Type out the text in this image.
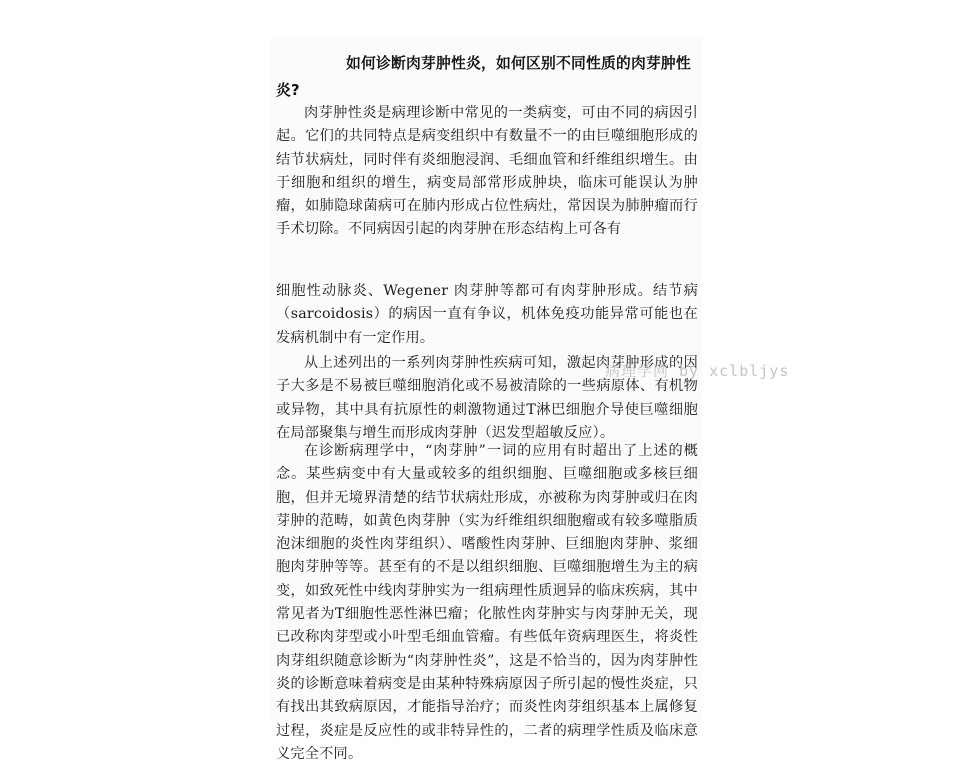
如何诊断肉芽肿性炎，如何区别不同性质的肉芽肿性炎?

肉芽肿性炎是病理诊断中常见的一类病变，可由不同的病因引起。它们的共同特点是病变组织中有数量不一的由巨噬细胞形成的结节状病灶，同时伴有炎细胞浸润、毛细血管和纤维组织增生。由于细胞和组织的增生，病变局部常形成肿块，临床可能误认为肿瘤，如肺隐球菌病可在肺内形成占位性病灶，常因误为肺肿瘤而行手术切除。不同病因引起的肉芽肿在形态结构上可各有

细胞性动脉炎、Wegener 肉芽肿等都可有肉芽肿形成。结节病（sarcoidosis）的病因一直有争议，机体免疫功能异常可能也在发病机制中有一定作用。

从上述列出的一系列肉芽肿性疾病可知，激起肉芽肿形成的因子大多是不易被巨噬细胞消化或不易被清除的一些病原体、有机物或异物，其中具有抗原性的刺激物通过T淋巴细胞介导使巨噬细胞在局部聚集与增生而形成肉芽肿（迟发型超敏反应）。

在诊断病理学中，“肉芽肿”一词的应用有时超出了上述的概念。某些病变中有大量或较多的组织细胞、巨噬细胞或多核巨细胞，但并无境界清楚的结节状病灶形成，亦被称为肉芽肿或归在肉芽肿的范畴，如黄色肉芽肿（实为纤维组织细胞瘤或有较多噬脂质泡沫细胞的炎性肉芽组织）、嗜酸性肉芽肿、巨细胞肉芽肿、浆细胞肉芽肿等等。甚至有的不是以组织细胞、巨噬细胞增生为主的病变，如致死性中线肉芽肿实为一组病理性质迥异的临床疾病，其中常见者为T细胞性恶性淋巴瘤；化脓性肉芽肿实与肉芽肿无关，现已改称肉芽型或小叶型毛细血管瘤。有些低年资病理医生，将炎性肉芽组织随意诊断为“肉芽肿性炎”，这是不恰当的，因为肉芽肿性炎的诊断意味着病变是由某种特殊病原因子所引起的慢性炎症，只有找出其致病原因，才能指导治疗；而炎性肉芽组织基本上属修复过程，炎症是反应性的或非特异性的，二者的病理学性质及临床意义完全不同。

病理学网 by xclbljys
